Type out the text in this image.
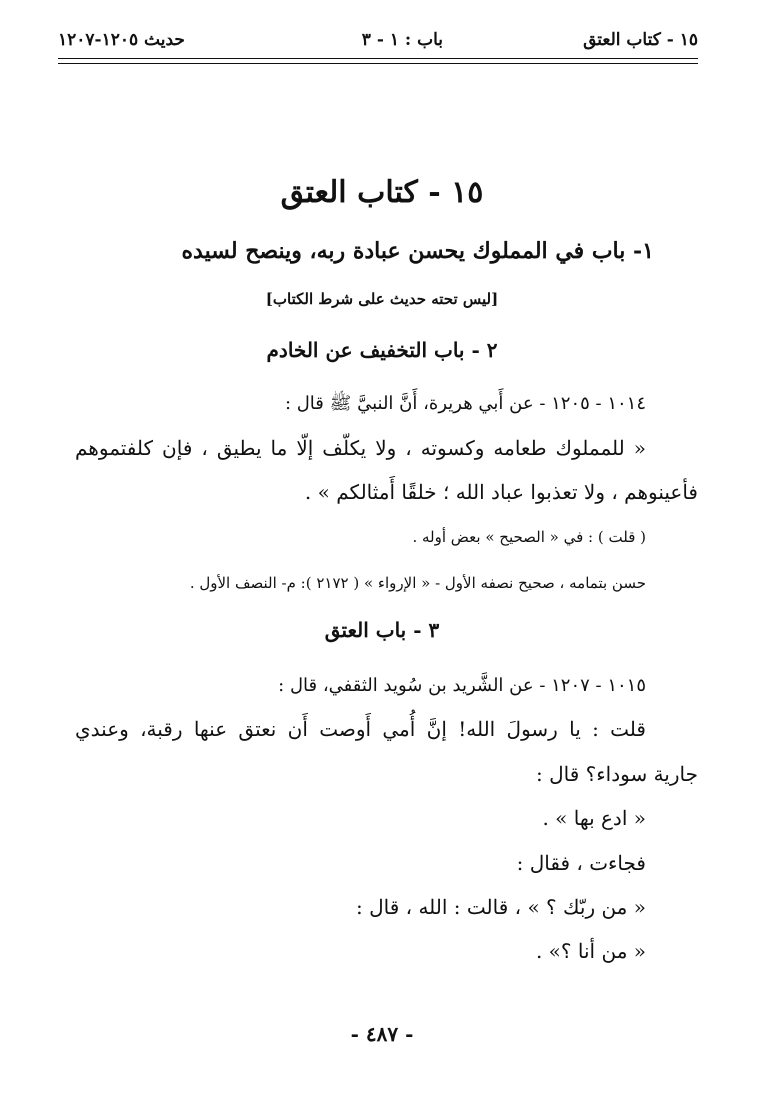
١٥ - كتاب العتق
باب : ١ - ٣
حديث ١٢٠٥-١٢٠٧
١٥ - كتاب العتق
١- باب في المملوك يحسن عبادة ربه، وينصح لسيده
[ليس تحته حديث على شرط الكتاب]
٢ - باب التخفيف عن الخادم
١٠١٤ - ١٢٠٥ - عن أَبي هريرة، أَنَّ النبيَّ ﷺ قال :
« للمملوك طعامه وكسوته ، ولا يكلّف إلّا ما يطيق ، فإن كلفتموهم
فأعينوهم ، ولا تعذبوا عباد الله ؛ خلقًا أَمثالكم » .
( قلت ) : في « الصحيح » بعض أوله .
حسن بتمامه ، صحيح نصفه الأول - « الإرواء » ( ٢١٧٢ ): م- النصف الأول .
٣ - باب العتق
١٠١٥ - ١٢٠٧ - عن الشَّريد بن سُويد الثقفي، قال :
قلت : يا رسولَ الله! إنَّ أُمي أَوصت أَن نعتق عنها رقبة، وعندي
جارية سوداء؟ قال :
« ادع بها » .
فجاءت ، فقال :
« من ربّك ؟ » ، قالت : الله ، قال :
« من أنا ؟» .
- ٤٨٧ -
